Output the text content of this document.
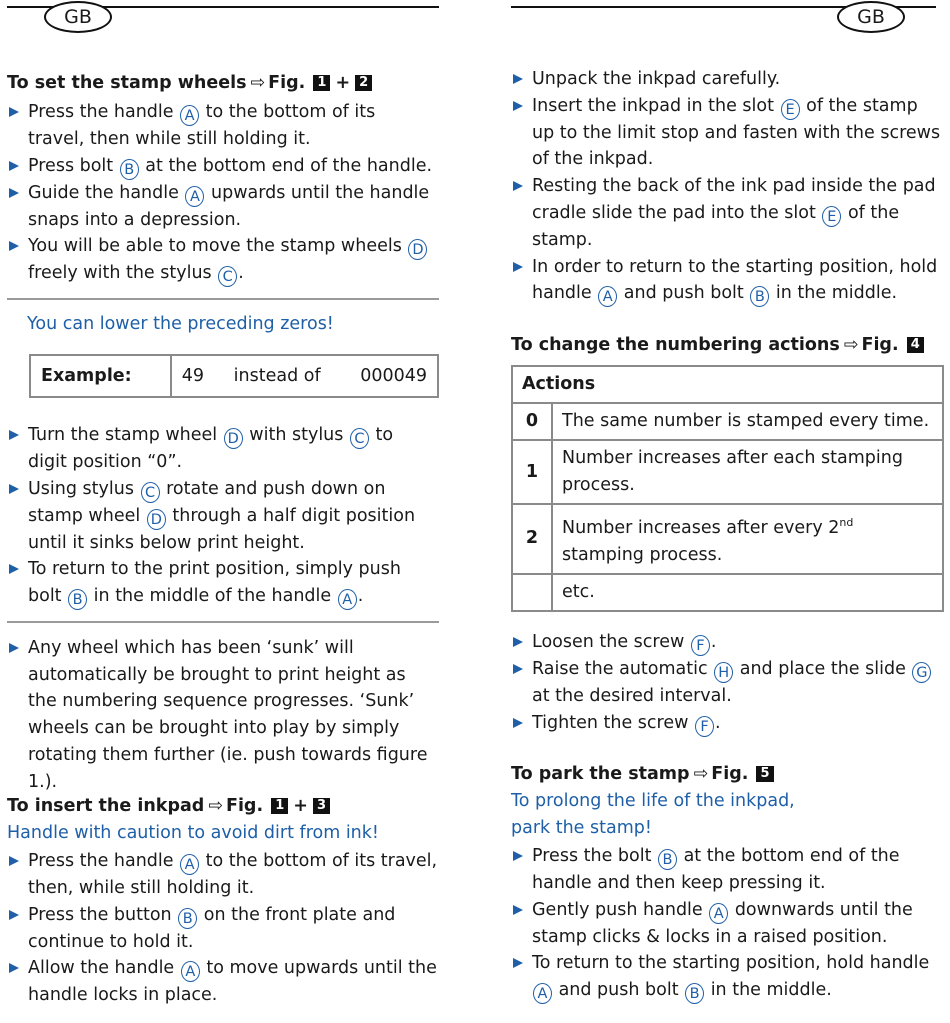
GB	GB
To set the stamp wheels ⇨ Fig. 1 + 2
Press the handle A to the bottom of its travel, then while still holding it.
Press bolt B at the bottom end of the handle.
Guide the handle A upwards until the handle snaps into a depression.
You will be able to move the stamp wheels D freely with the stylus C .
You can lower the preceding zeros!
Example:	49 instead of 000049
Turn the stamp wheel D with stylus C to digit position “0”.
Using stylus C rotate and push down on stamp wheel D through a half digit position until it sinks below print height.
To return to the print position, simply push bolt B in the middle of the handle A .
Any wheel which has been ‘sunk’ will automatically be brought to print height as the numbering sequence progresses. ‘Sunk’ wheels can be brought into play by simply rotating them further (ie. push towards figure 1.).
To insert the inkpad ⇨ Fig. 1 + 3
Handle with caution to avoid dirt from ink!
Press the handle A to the bottom of its travel, then, while still holding it.
Press the button B on the front plate and continue to hold it.
Allow the handle A to move upwards until the handle locks in place.
Unpack the inkpad carefully.
Insert the inkpad in the slot E of the stamp up to the limit stop and fasten with the screws of the inkpad.
Resting the back of the ink pad inside the pad cradle slide the pad into the slot E of the stamp.
In order to return to the starting position, hold handle A and push bolt B in the middle.
To change the numbering actions ⇨ Fig. 4
Actions	
0	The same number is stamped every time.
1	Number increases after each stamping process.
2	Number increases after every 2nd stamping process.
	etc.
Loosen the screw F .
Raise the automatic H and place the slide G at the desired interval.
Tighten the screw F .
To park the stamp ⇨ Fig. 5
To prolong the life of the inkpad,
park the stamp!
Press the bolt B at the bottom end of the handle and then keep pressing it.
Gently push handle A downwards until the stamp clicks & locks in a raised position.
To return to the starting position, hold handle A and push bolt B in the middle.
